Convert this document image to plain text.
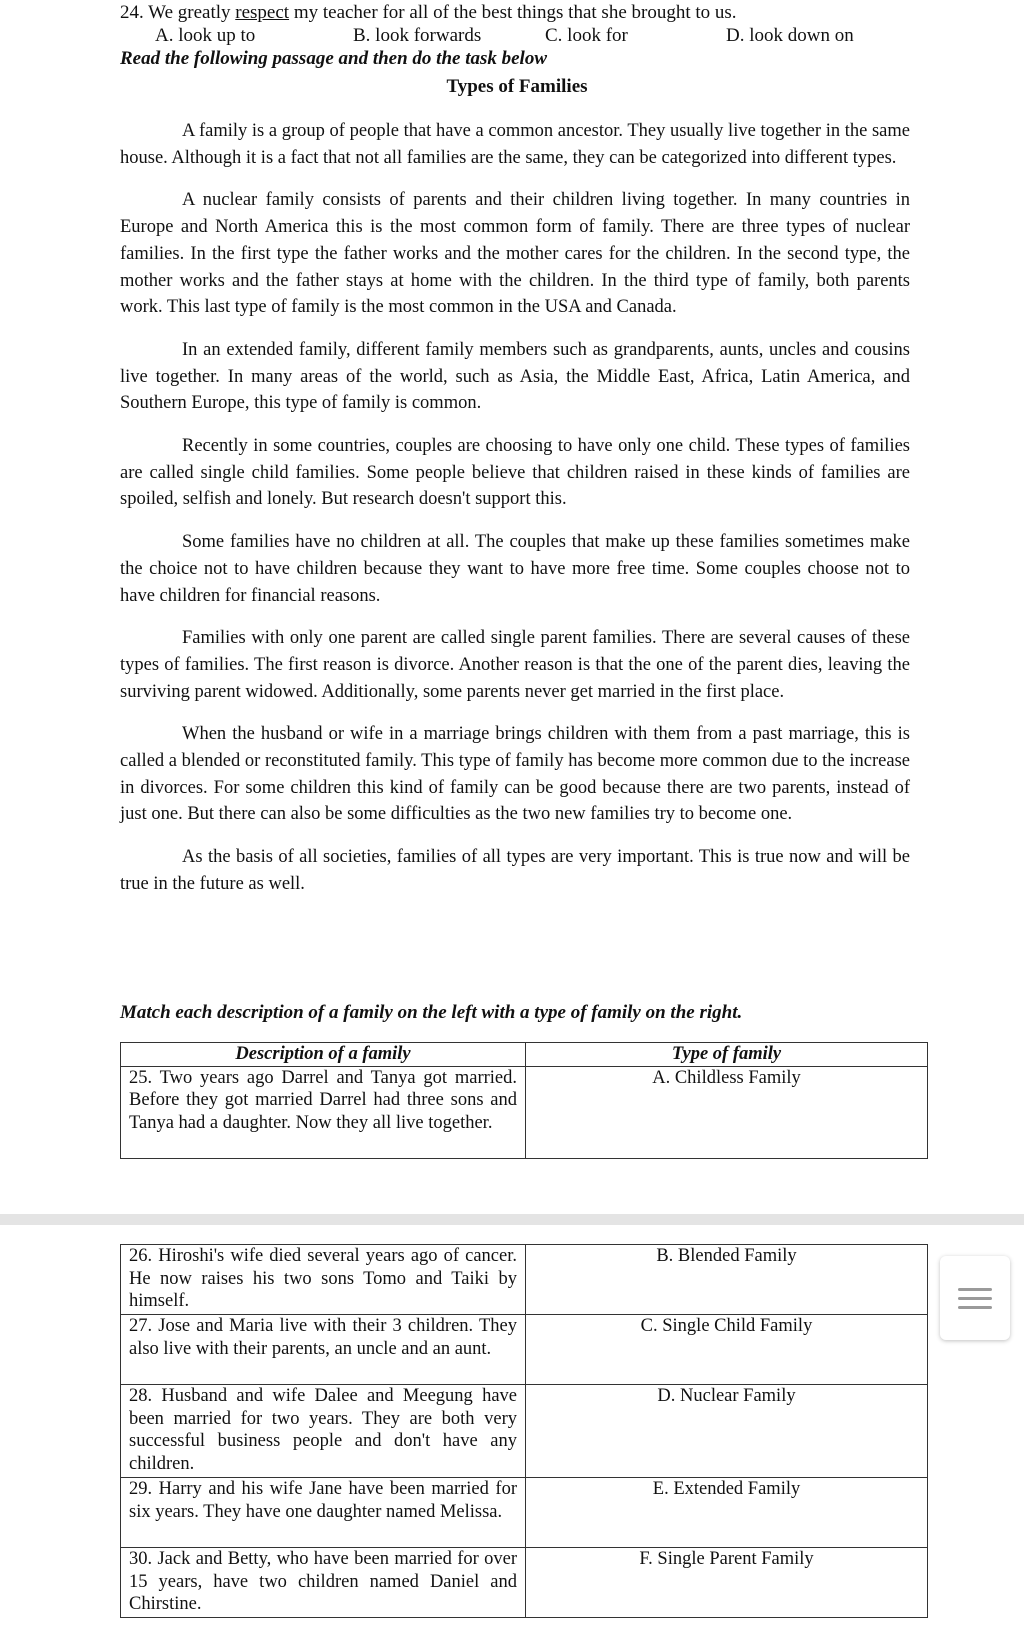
24. We greatly respect my teacher for all of the best things that she brought to us.
A. look up to	B. look forwards	C. look for	D. look down on
Read the following passage and then do the task below
Types of Families

A family is a group of people that have a common ancestor. They usually live together in the same house. Although it is a fact that not all families are the same, they can be categorized into different types.

A nuclear family consists of parents and their children living together. In many countries in Europe and North America this is the most common form of family. There are three types of nuclear families. In the first type the father works and the mother cares for the children. In the second type, the mother works and the father stays at home with the children. In the third type of family, both parents work. This last type of family is the most common in the USA and Canada.

In an extended family, different family members such as grandparents, aunts, uncles and cousins live together. In many areas of the world, such as Asia, the Middle East, Africa, Latin America, and Southern Europe, this type of family is common.

Recently in some countries, couples are choosing to have only one child. These types of families are called single child families. Some people believe that children raised in these kinds of families are spoiled, selfish and lonely. But research doesn't support this.

Some families have no children at all. The couples that make up these families sometimes make the choice not to have children because they want to have more free time. Some couples choose not to have children for financial reasons.

Families with only one parent are called single parent families. There are several causes of these types of families. The first reason is divorce. Another reason is that the one of the parent dies, leaving the surviving parent widowed. Additionally, some parents never get married in the first place.

When the husband or wife in a marriage brings children with them from a past marriage, this is called a blended or reconstituted family. This type of family has become more common due to the increase in divorces. For some children this kind of family can be good because there are two parents, instead of just one. But there can also be some difficulties as the two new families try to become one.

As the basis of all societies, families of all types are very important. This is true now and will be true in the future as well.

Match each description of a family on the left with a type of family on the right.
Description of a family	Type of family
25. Two years ago Darrel and Tanya got married. Before they got married Darrel had three sons and Tanya had a daughter. Now they all live together.	A. Childless Family
26. Hiroshi's wife died several years ago of cancer. He now raises his two sons Tomo and Taiki by himself.	B. Blended Family
27. Jose and Maria live with their 3 children. They also live with their parents, an uncle and an aunt.	C. Single Child Family
28. Husband and wife Dalee and Meegung have been married for two years. They are both very successful business people and don't have any children.	D. Nuclear Family
29. Harry and his wife Jane have been married for six years. They have one daughter named Melissa.	E. Extended Family
30. Jack and Betty, who have been married for over 15 years, have two children named Daniel and Chirstine.	F. Single Parent Family
